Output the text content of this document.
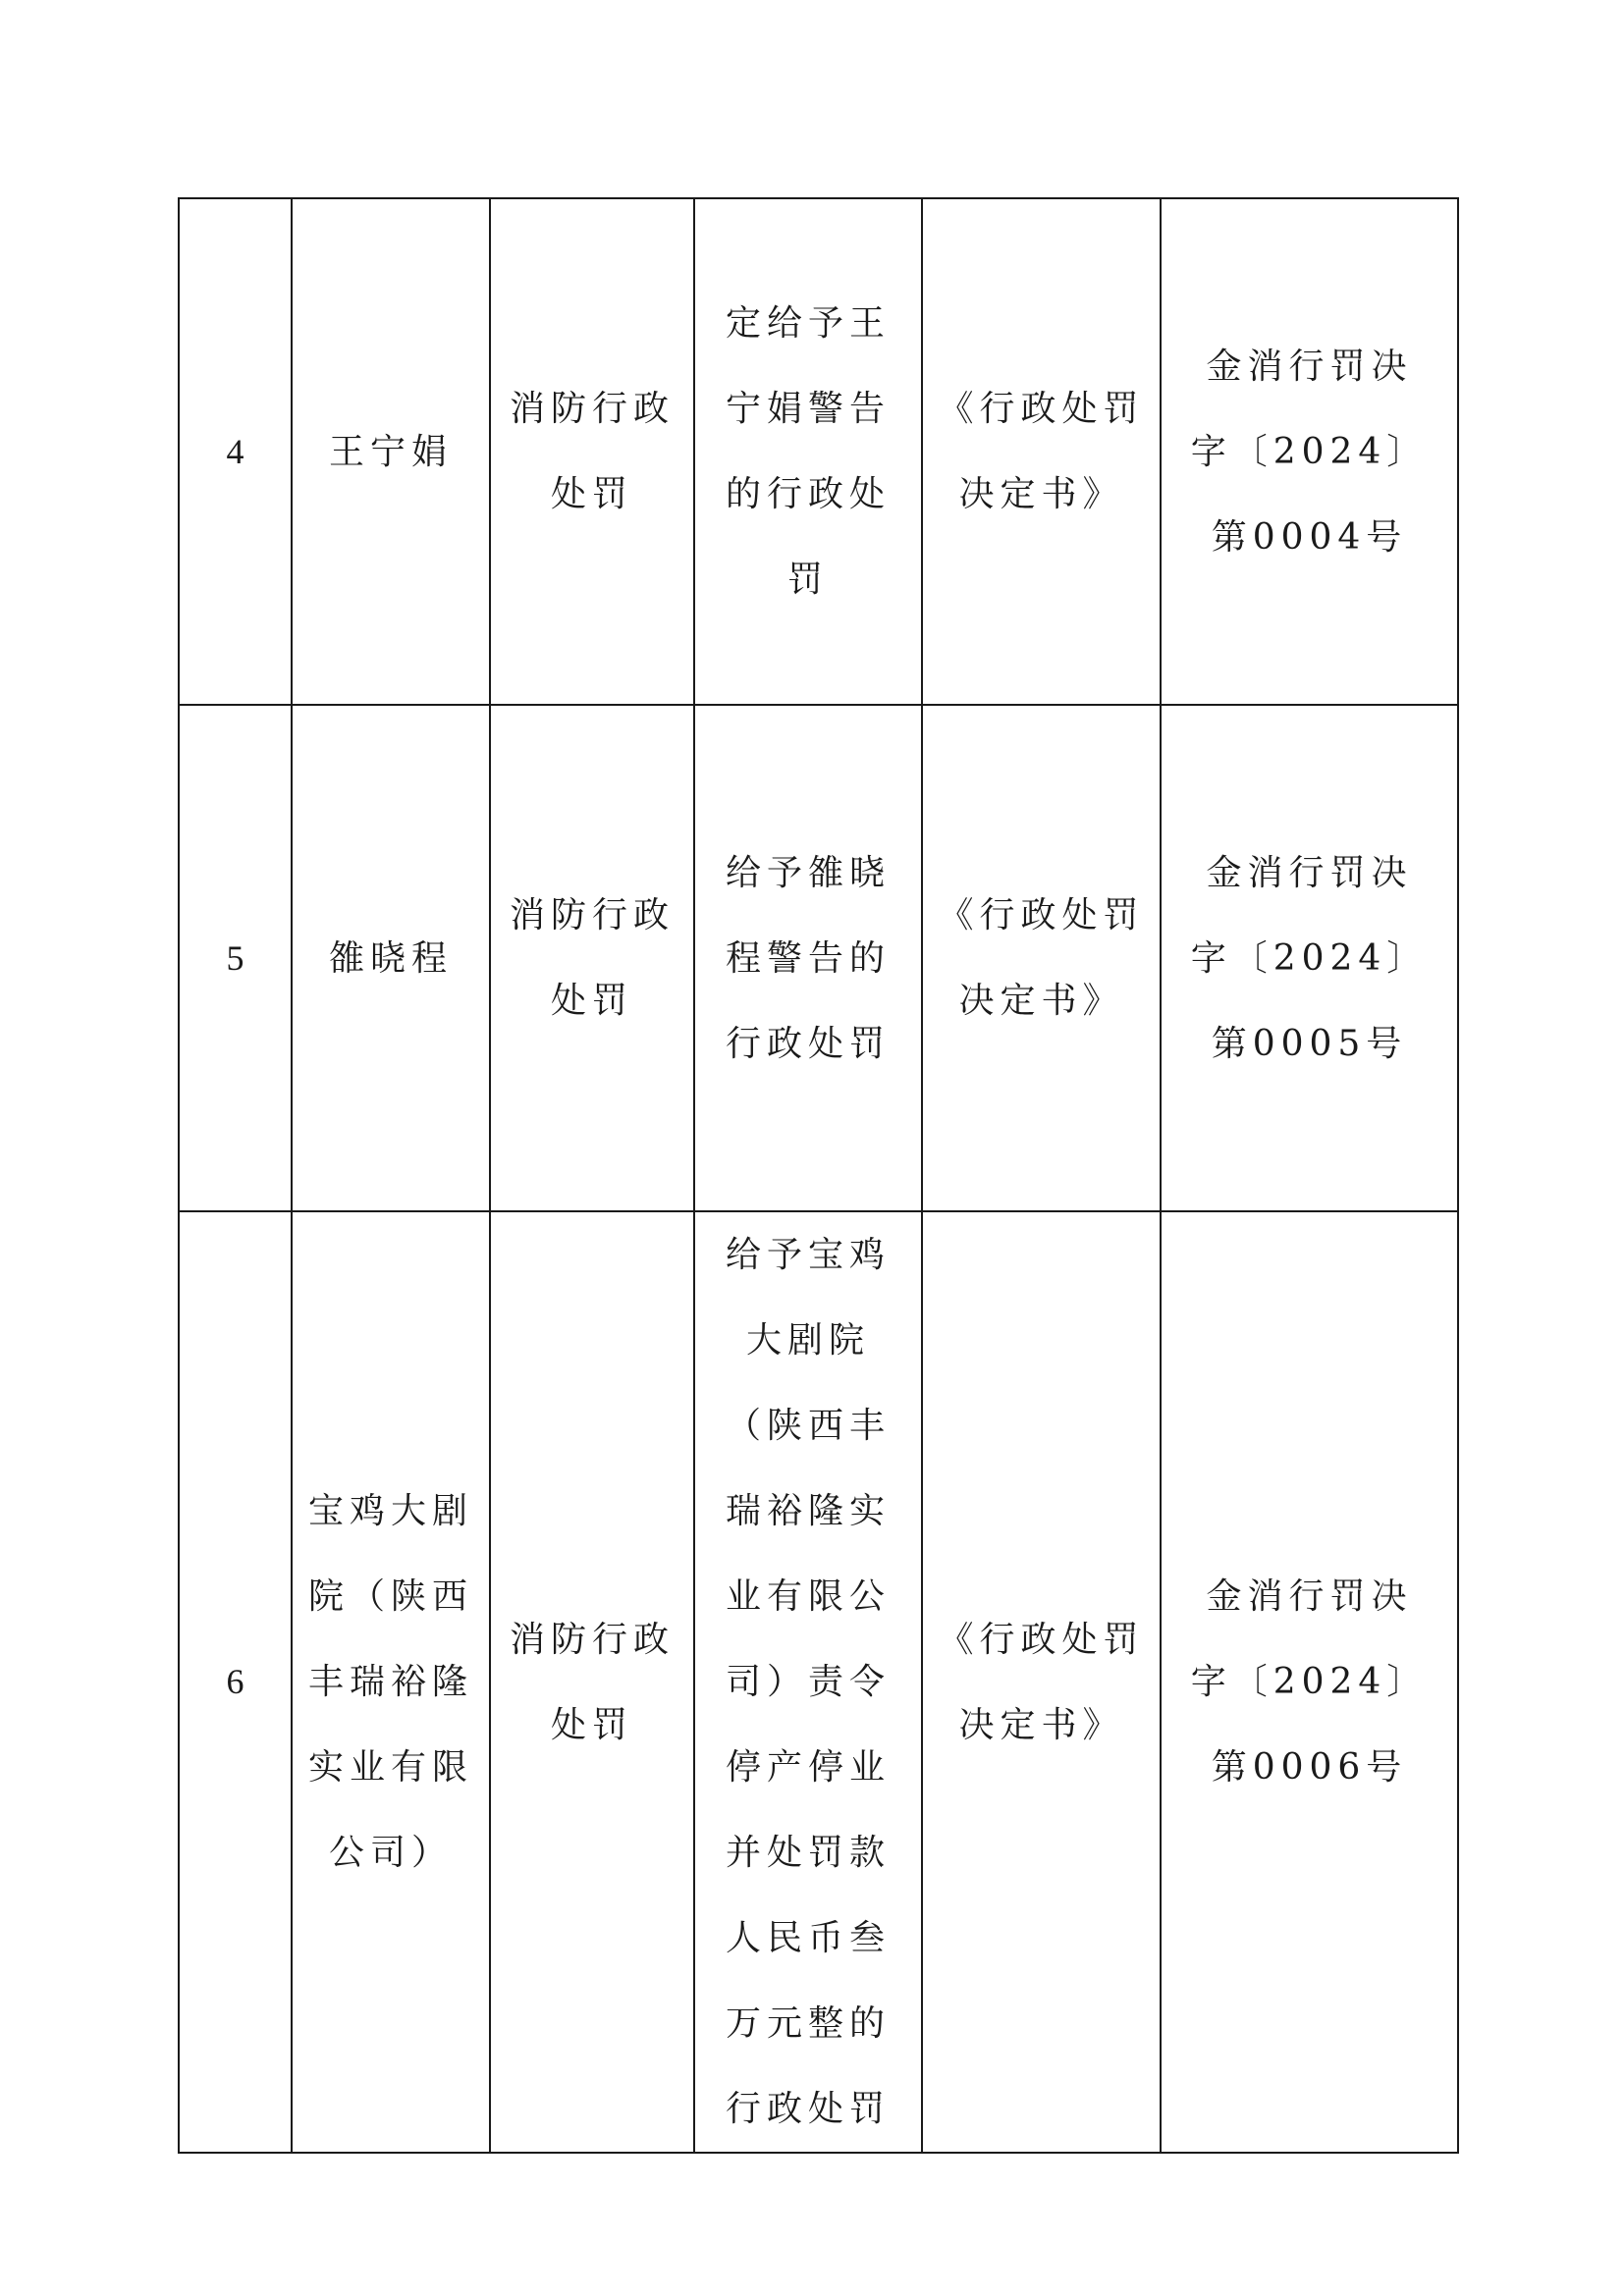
4	王宁娟	消防行政处罚	定给予王宁娟警告的行政处罚	《行政处罚决定书》	金消行罚决字〔2024〕第0004号
5	雒晓程	消防行政处罚	给予雒晓程警告的行政处罚	《行政处罚决定书》	金消行罚决字〔2024〕第0005号
6	宝鸡大剧院（陕西丰瑞裕隆实业有限公司）	消防行政处罚	给予宝鸡大剧院（陕西丰瑞裕隆实业有限公司）责令停产停业并处罚款人民币叁万元整的行政处罚	《行政处罚决定书》	金消行罚决字〔2024〕第0006号
